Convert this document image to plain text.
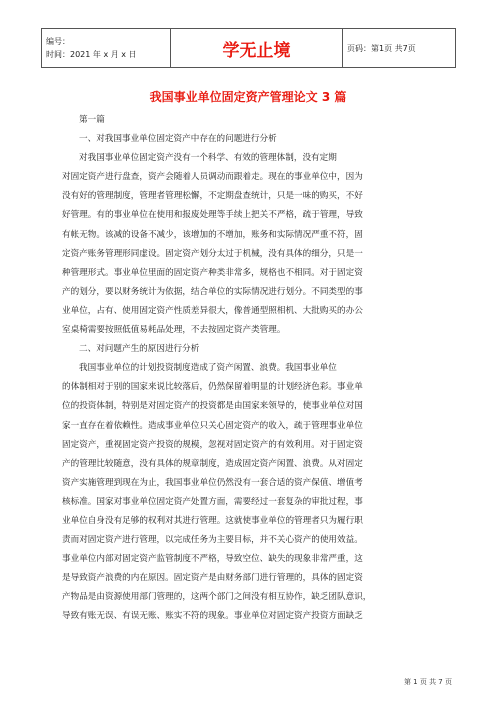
编号：
时间：2021 年 x 月 x 日	学无止境	页码：第1页 共7页
我国事业单位固定资产管理论文 3 篇
第一篇
一、对我国事业单位固定资产中存在的问题进行分析
对我国事业单位固定资产没有一个科学、有效的管理体制，没有定期
对固定资产进行盘查，资产会随着人员调动而跟着走。现在的事业单位中，因为
没有好的管理制度，管理者管理松懈，不定期盘查统计，只是一味的购买，不好
好管理。有的事业单位在使用和报废处理等手续上把关不严格，疏于管理，导致
有帐无物。该减的设备不减少，该增加的不增加，账务和实际情况严重不符，固
定资产账务管理形同虚设。固定资产划分太过于机械，没有具体的细分，只是一
种管理形式。事业单位里面的固定资产种类非常多，规格也不相同。对于固定资
产的划分，要以财务统计为依据，结合单位的实际情况进行划分。不同类型的事
业单位，占有、使用固定资产性质差异很大，像普通型照相机、大批购买的办公
室桌椅需要按照低值易耗品处理，不去按固定资产类管理。
二、对问题产生的原因进行分析
我国事业单位的计划投资制度造成了资产闲置、浪费。我国事业单位
的体制相对于别的国家来说比较落后，仍然保留着明显的计划经济色彩。事业单
位的投资体制，特别是对固定资产的投资都是由国家来领导的，使事业单位对国
家一直存在着依赖性。造成事业单位只关心固定资产的收入，疏于管理事业单位
固定资产，重视固定资产投资的规模，忽视对固定资产的有效利用。对于固定资
产的管理比较随意，没有具体的规章制度，造成固定资产闲置、浪费。从对固定
资产实施管理到现在为止，我国事业单位仍然没有一套合适的资产保值、增值考
核标准。国家对事业单位固定资产处置方面，需要经过一套复杂的审批过程，事
业单位自身没有足够的权利对其进行管理。这就使事业单位的管理者只为履行职
责而对固定资产进行管理，以完成任务为主要目标，并不关心资产的使用效益。
事业单位内部对固定资产监管制度不严格，导致空位、缺失的现象非常严重，这
是导致资产浪费的内在原因。固定资产是由财务部门进行管理的，具体的固定资
产物品是由资源使用部门管理的，这两个部门之间没有相互协作，缺乏团队意识，
导致有账无误、有误无账、账实不符的现象。事业单位对固定资产投资方面缺乏
第 1 页 共 7 页
